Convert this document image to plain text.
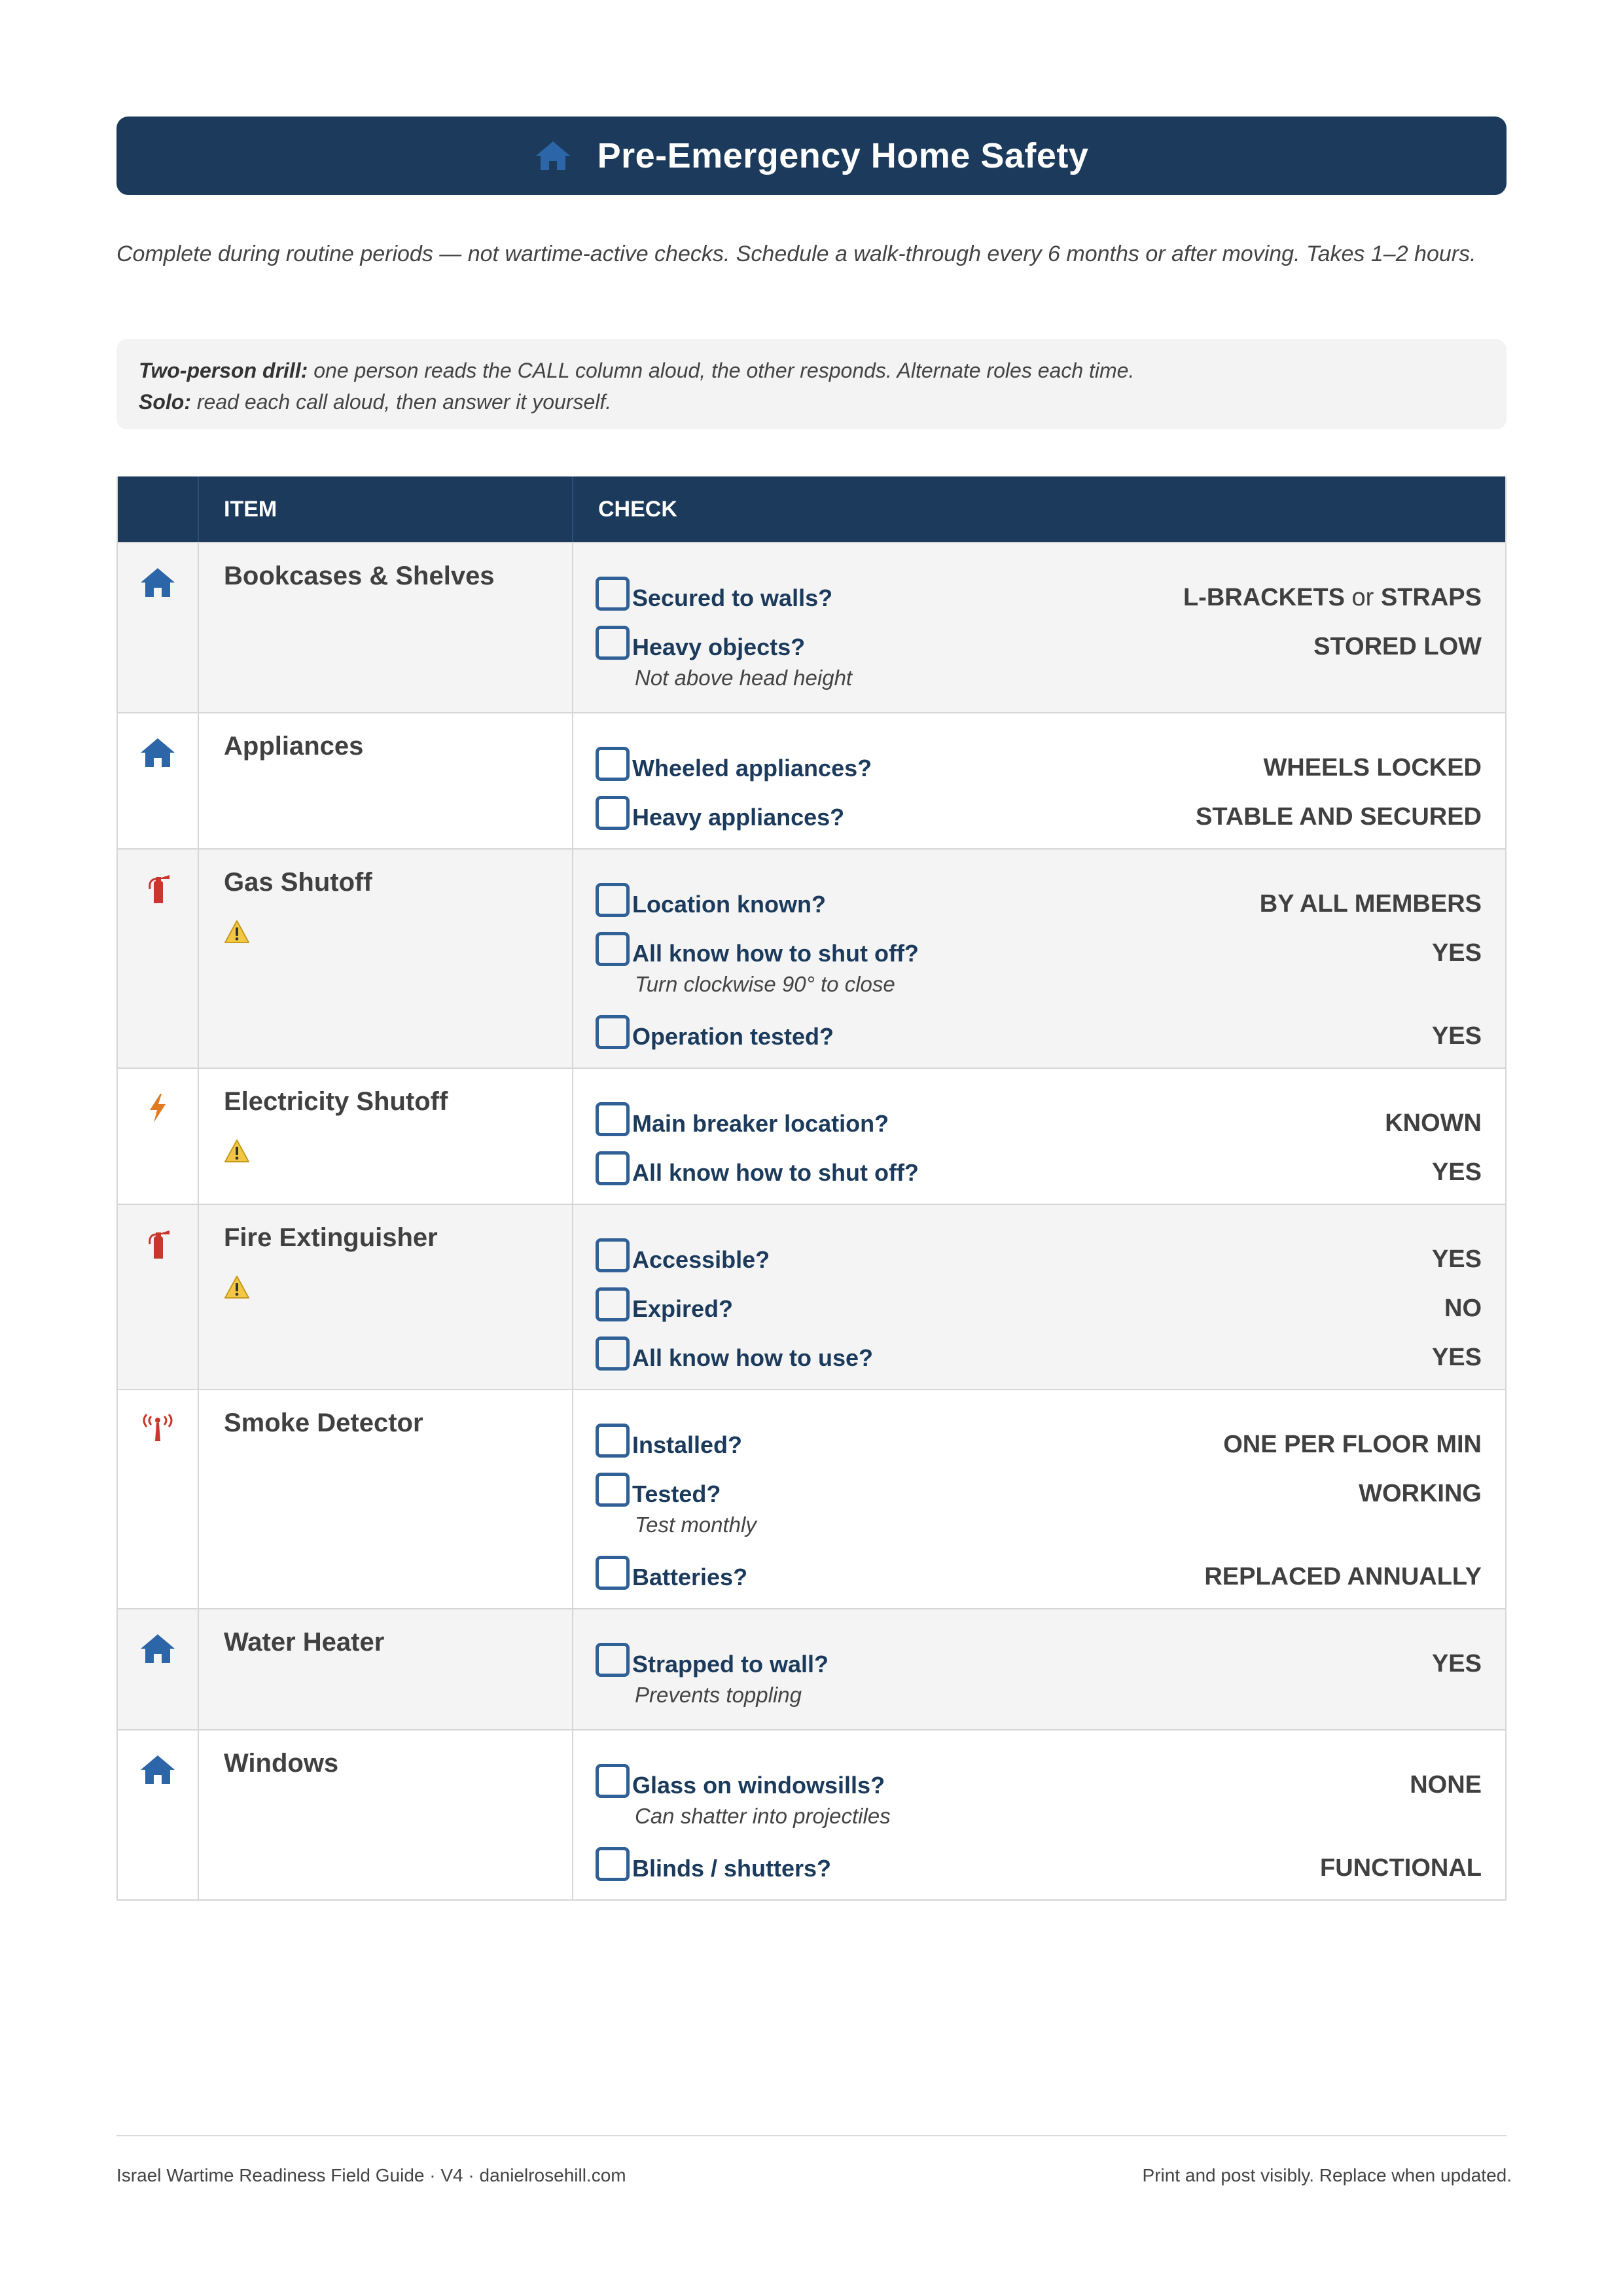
Pre-Emergency Home Safety

Complete during routine periods — not wartime-active checks. Schedule a walk-through every 6 months or after moving. Takes 1–2 hours.

Two-person drill: one person reads the CALL column aloud, the other responds. Alternate roles each time.
Solo: read each call aloud, then answer it yourself.
ITEM	CHECK
Bookcases & Shelves
Secured to walls?	L-BRACKETS or STRAPS
Heavy objects?	STORED LOW
Not above head height
Appliances
Wheeled appliances?	WHEELS LOCKED
Heavy appliances?	STABLE AND SECURED
Gas Shutoff
Location known?	BY ALL MEMBERS
All know how to shut off?	YES
Turn clockwise 90° to close
Operation tested?	YES
Electricity Shutoff
Main breaker location?	KNOWN
All know how to shut off?	YES
Fire Extinguisher
Accessible?	YES
Expired?	NO
All know how to use?	YES
Smoke Detector
Installed?	ONE PER FLOOR MIN
Tested?	WORKING
Test monthly
Batteries?	REPLACED ANNUALLY
Water Heater
Strapped to wall?	YES
Prevents toppling
Windows
Glass on windowsills?	NONE
Can shatter into projectiles
Blinds / shutters?	FUNCTIONAL
Israel Wartime Readiness Field Guide · V4 · danielrosehill.com	Print and post visibly. Replace when updated.
